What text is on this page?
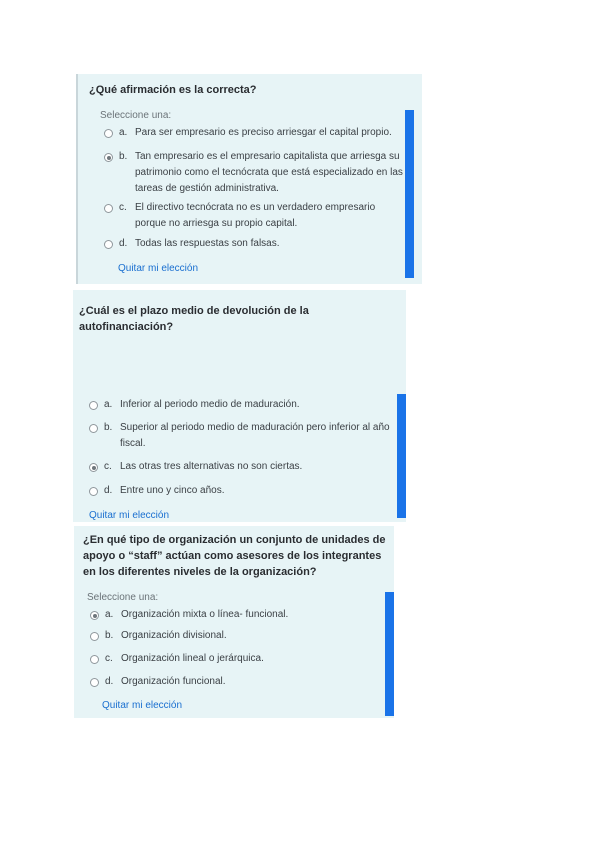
¿Qué afirmación es la correcta?
Seleccione una:
a. Para ser empresario es preciso arriesgar el capital propio.
b. Tan empresario es el empresario capitalista que arriesga su patrimonio como el tecnócrata que está especializado en las tareas de gestión administrativa.
c. El directivo tecnócrata no es un verdadero empresario porque no arriesga su propio capital.
d. Todas las respuestas son falsas.
Quitar mi elección
¿Cuál es el plazo medio de devolución de la autofinanciación?
a. Inferior al periodo medio de maduración.
b. Superior al periodo medio de maduración pero inferior al año fiscal.
c. Las otras tres alternativas no son ciertas.
d. Entre uno y cinco años.
Quitar mi elección
¿En qué tipo de organización un conjunto de unidades de apoyo o “staff” actúan como asesores de los integrantes en los diferentes niveles de la organización?
Seleccione una:
a. Organización mixta o línea- funcional.
b. Organización divisional.
c. Organización lineal o jerárquica.
d. Organización funcional.
Quitar mi elección
